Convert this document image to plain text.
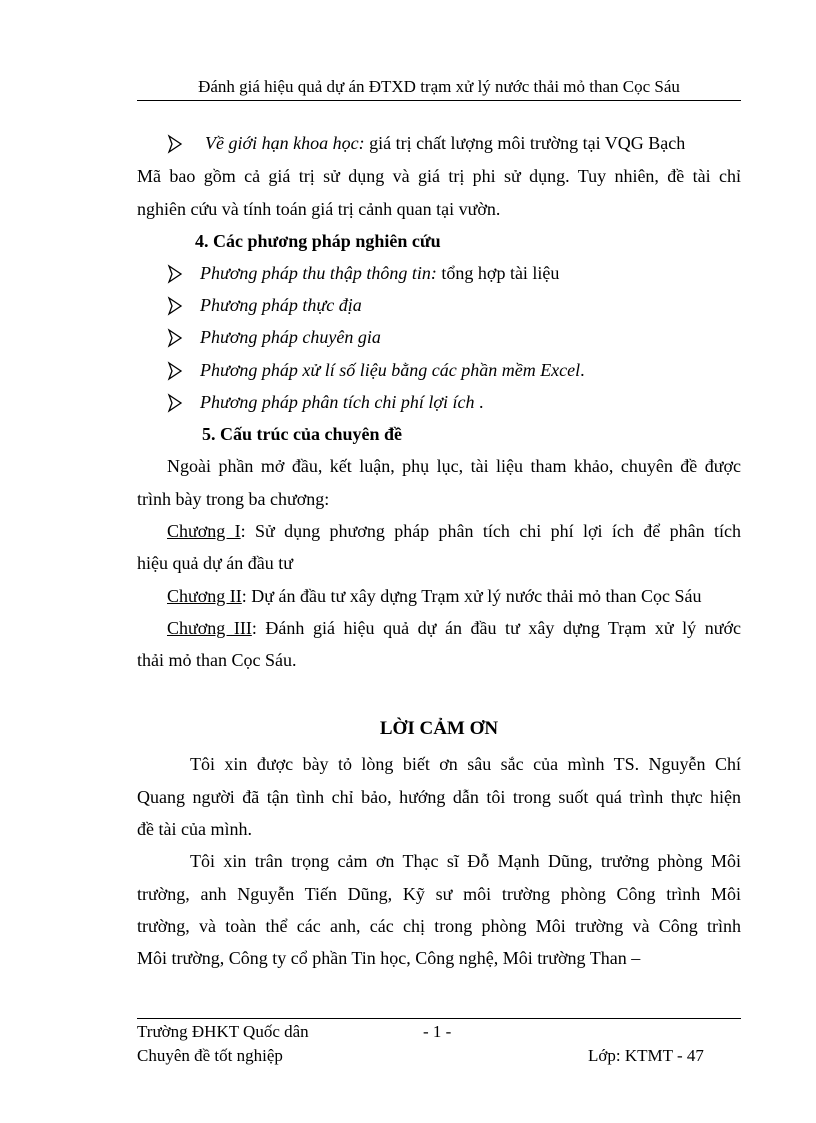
Đánh giá hiệu quả dự án ĐTXD trạm xử lý nước thải mỏ than Cọc Sáu
Về giới hạn khoa học: giá trị chất lượng môi trường tại VQG Bạch
Mã bao gồm cả giá trị sử dụng và giá trị phi sử dụng. Tuy nhiên, đề tài chỉ
nghiên cứu và tính toán giá trị cảnh quan tại vườn.
4. Các phương pháp nghiên cứu
Phương pháp thu thập thông tin: tổng hợp tài liệu
Phương pháp thực địa
Phương pháp chuyên gia
Phương pháp xử lí số liệu bằng các phần mềm Excel.
Phương pháp phân tích chi phí lợi ích .
5. Cấu trúc của chuyên đề
Ngoài phần mở đầu, kết luận, phụ lục, tài liệu tham khảo, chuyên đề được
trình bày trong ba chương:
Chương I: Sử dụng phương pháp phân tích chi phí lợi ích để phân tích
hiệu quả dự án đầu tư
Chương II: Dự án đầu tư xây dựng Trạm xử lý nước thải mỏ than Cọc Sáu
Chương III: Đánh giá hiệu quả dự án đầu tư xây dựng Trạm xử lý nước
thải mỏ than Cọc Sáu.
LỜI CẢM ƠN
Tôi xin được bày tỏ lòng biết ơn sâu sắc của mình TS. Nguyễn Chí
Quang người đã tận tình chỉ bảo, hướng dẫn tôi trong suốt quá trình thực hiện
đề tài của mình.
Tôi xin trân trọng cảm ơn Thạc sĩ Đỗ Mạnh Dũng, trưởng phòng Môi
trường, anh Nguyễn Tiến Dũng, Kỹ sư môi trường phòng Công trình Môi
trường, và toàn thể các anh, các chị trong phòng Môi trường và Công trình
Môi trường, Công ty cổ phần Tin học, Công nghệ, Môi trường Than –
Trường ĐHKT Quốc dân	- 1 -
Chuyên đề tốt nghiệp	Lớp: KTMT - 47
